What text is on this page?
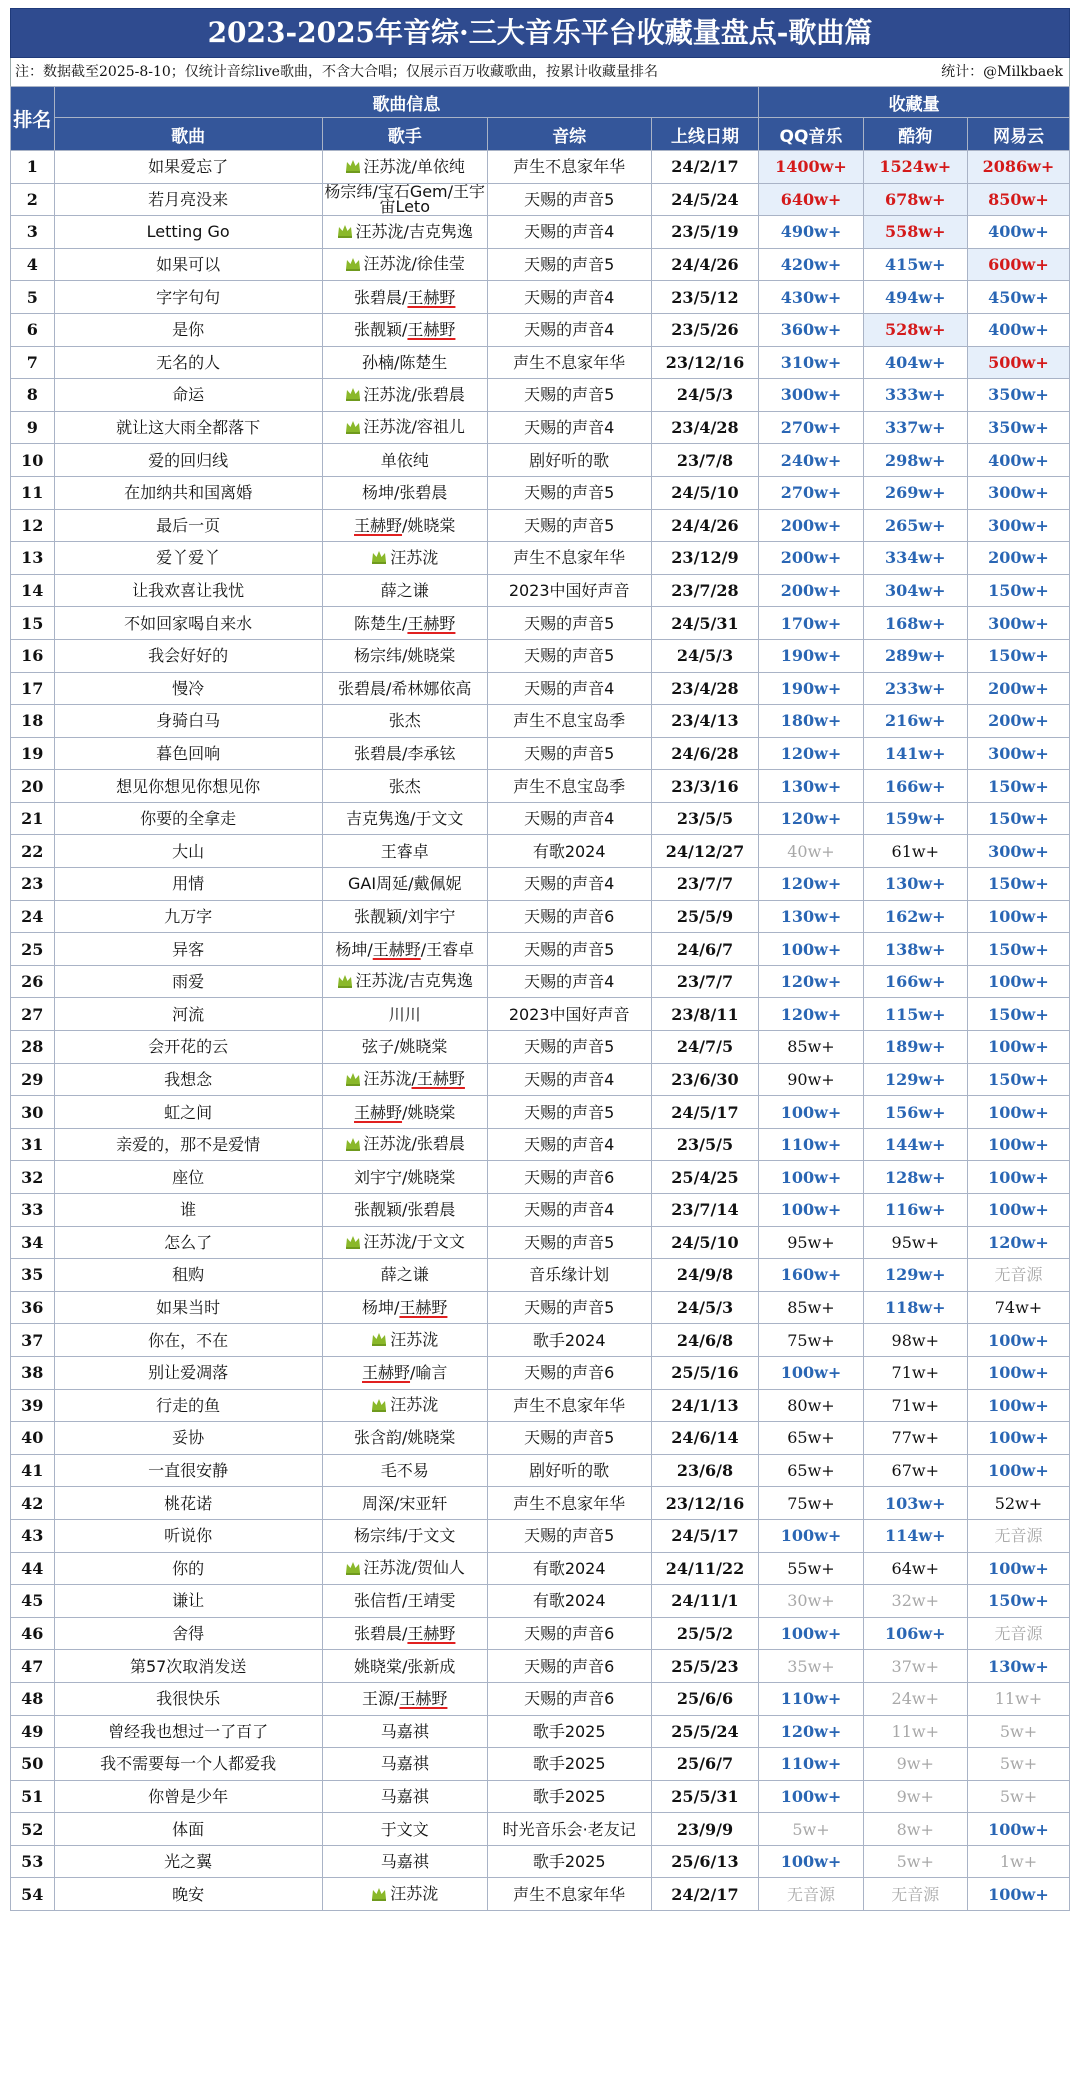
2023-2025年音综·三大音乐平台收藏量盘点-歌曲篇
注：数据截至2025-8-10；仅统计音综live歌曲，不含大合唱；仅展示百万收藏歌曲，按累计收藏量排名	统计：@Milkbaek
排名	歌曲信息				收藏量		
	歌曲	歌手	音综	上线日期	QQ音乐	酷狗	网易云
1	如果爱忘了	汪苏泷/单依纯	声生不息家年华	24/2/17	1400w+	1524w+	2086w+
2	若月亮没来	杨宗纬/宝石Gem/王宇宙Leto	天赐的声音5	24/5/24	640w+	678w+	850w+
3	Letting Go	汪苏泷/吉克隽逸	天赐的声音4	23/5/19	490w+	558w+	400w+
4	如果可以	汪苏泷/徐佳莹	天赐的声音5	24/4/26	420w+	415w+	600w+
5	字字句句	张碧晨/王赫野	天赐的声音4	23/5/12	430w+	494w+	450w+
6	是你	张靓颖/王赫野	天赐的声音4	23/5/26	360w+	528w+	400w+
7	无名的人	孙楠/陈楚生	声生不息家年华	23/12/16	310w+	404w+	500w+
8	命运	汪苏泷/张碧晨	天赐的声音5	24/5/3	300w+	333w+	350w+
9	就让这大雨全都落下	汪苏泷/容祖儿	天赐的声音4	23/4/28	270w+	337w+	350w+
10	爱的回归线	单依纯	剧好听的歌	23/7/8	240w+	298w+	400w+
11	在加纳共和国离婚	杨坤/张碧晨	天赐的声音5	24/5/10	270w+	269w+	300w+
12	最后一页	王赫野/姚晓棠	天赐的声音5	24/4/26	200w+	265w+	300w+
13	爱丫爱丫	汪苏泷	声生不息家年华	23/12/9	200w+	334w+	200w+
14	让我欢喜让我忧	薛之谦	2023中国好声音	23/7/28	200w+	304w+	150w+
15	不如回家喝自来水	陈楚生/王赫野	天赐的声音5	24/5/31	170w+	168w+	300w+
16	我会好好的	杨宗纬/姚晓棠	天赐的声音5	24/5/3	190w+	289w+	150w+
17	慢冷	张碧晨/希林娜依高	天赐的声音4	23/4/28	190w+	233w+	200w+
18	身骑白马	张杰	声生不息宝岛季	23/4/13	180w+	216w+	200w+
19	暮色回响	张碧晨/李承铉	天赐的声音5	24/6/28	120w+	141w+	300w+
20	想见你想见你想见你	张杰	声生不息宝岛季	23/3/16	130w+	166w+	150w+
21	你要的全拿走	吉克隽逸/于文文	天赐的声音4	23/5/5	120w+	159w+	150w+
22	大山	王睿卓	有歌2024	24/12/27	40w+	61w+	300w+
23	用情	GAI周延/戴佩妮	天赐的声音4	23/7/7	120w+	130w+	150w+
24	九万字	张靓颖/刘宇宁	天赐的声音6	25/5/9	130w+	162w+	100w+
25	异客	杨坤/王赫野/王睿卓	天赐的声音5	24/6/7	100w+	138w+	150w+
26	雨爱	汪苏泷/吉克隽逸	天赐的声音4	23/7/7	120w+	166w+	100w+
27	河流	川川	2023中国好声音	23/8/11	120w+	115w+	150w+
28	会开花的云	弦子/姚晓棠	天赐的声音5	24/7/5	85w+	189w+	100w+
29	我想念	汪苏泷/王赫野	天赐的声音4	23/6/30	90w+	129w+	150w+
30	虹之间	王赫野/姚晓棠	天赐的声音5	24/5/17	100w+	156w+	100w+
31	亲爱的，那不是爱情	汪苏泷/张碧晨	天赐的声音4	23/5/5	110w+	144w+	100w+
32	座位	刘宇宁/姚晓棠	天赐的声音6	25/4/25	100w+	128w+	100w+
33	谁	张靓颖/张碧晨	天赐的声音4	23/7/14	100w+	116w+	100w+
34	怎么了	汪苏泷/于文文	天赐的声音5	24/5/10	95w+	95w+	120w+
35	租购	薛之谦	音乐缘计划	24/9/8	160w+	129w+	无音源
36	如果当时	杨坤/王赫野	天赐的声音5	24/5/3	85w+	118w+	74w+
37	你在，不在	汪苏泷	歌手2024	24/6/8	75w+	98w+	100w+
38	别让爱凋落	王赫野/喻言	天赐的声音6	25/5/16	100w+	71w+	100w+
39	行走的鱼	汪苏泷	声生不息家年华	24/1/13	80w+	71w+	100w+
40	妥协	张含韵/姚晓棠	天赐的声音5	24/6/14	65w+	77w+	100w+
41	一直很安静	毛不易	剧好听的歌	23/6/8	65w+	67w+	100w+
42	桃花诺	周深/宋亚轩	声生不息家年华	23/12/16	75w+	103w+	52w+
43	听说你	杨宗纬/于文文	天赐的声音5	24/5/17	100w+	114w+	无音源
44	你的	汪苏泷/贺仙人	有歌2024	24/11/22	55w+	64w+	100w+
45	谦让	张信哲/王靖雯	有歌2024	24/11/1	30w+	32w+	150w+
46	舍得	张碧晨/王赫野	天赐的声音6	25/5/2	100w+	106w+	无音源
47	第57次取消发送	姚晓棠/张新成	天赐的声音6	25/5/23	35w+	37w+	130w+
48	我很快乐	王源/王赫野	天赐的声音6	25/6/6	110w+	24w+	11w+
49	曾经我也想过一了百了	马嘉祺	歌手2025	25/5/24	120w+	11w+	5w+
50	我不需要每一个人都爱我	马嘉祺	歌手2025	25/6/7	110w+	9w+	5w+
51	你曾是少年	马嘉祺	歌手2025	25/5/31	100w+	9w+	5w+
52	体面	于文文	时光音乐会·老友记	23/9/9	5w+	8w+	100w+
53	光之翼	马嘉祺	歌手2025	25/6/13	100w+	5w+	1w+
54	晚安	汪苏泷	声生不息家年华	24/2/17	无音源	无音源	100w+
